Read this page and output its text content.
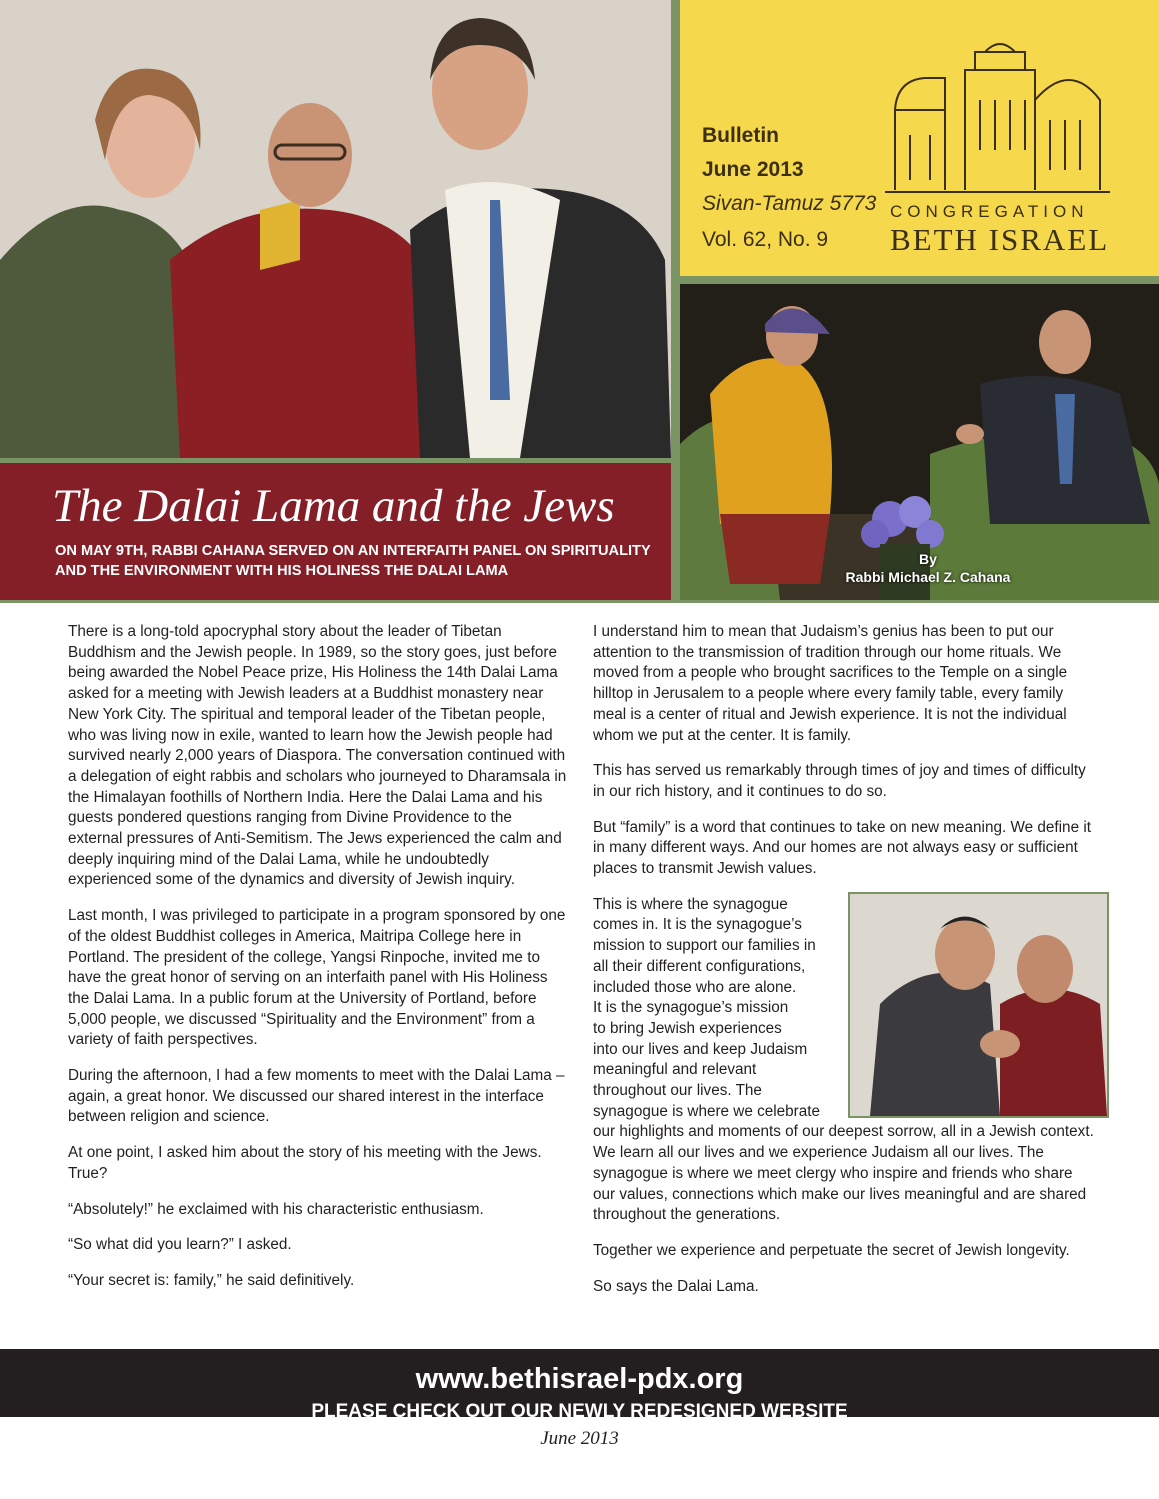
Bulletin
June 2013
Sivan-Tamuz 5773
Vol. 62, No. 9
CONGREGATION
BETH ISRAEL
The Dalai Lama and the Jews
ON MAY 9TH, RABBI CAHANA SERVED ON AN INTERFAITH PANEL ON SPIRITUALITY AND THE ENVIRONMENT WITH HIS HOLINESS THE DALAI LAMA
By
Rabbi Michael Z. Cahana

There is a long-told apocryphal story about the leader of Tibetan Buddhism and the Jewish people. In 1989, so the story goes, just before being awarded the Nobel Peace prize, His Holiness the 14th Dalai Lama asked for a meeting with Jewish leaders at a Buddhist monastery near New York City. The spiritual and temporal leader of the Tibetan people, who was living now in exile, wanted to learn how the Jewish people had survived nearly 2,000 years of Diaspora. The conversation continued with a delegation of eight rabbis and scholars who journeyed to Dharamsala in the Himalayan foothills of Northern India. Here the Dalai Lama and his guests pondered questions ranging from Divine Providence to the external pressures of Anti-Semitism. The Jews experienced the calm and deeply inquiring mind of the Dalai Lama, while he undoubtedly experienced some of the dynamics and diversity of Jewish inquiry.

Last month, I was privileged to participate in a program sponsored by one of the oldest Buddhist colleges in America, Maitripa College here in Portland. The president of the college, Yangsi Rinpoche, invited me to have the great honor of serving on an interfaith panel with His Holiness the Dalai Lama. In a public forum at the University of Portland, before 5,000 people, we discussed “Spirituality and the Environment” from a variety of faith perspectives.

During the afternoon, I had a few moments to meet with the Dalai Lama – again, a great honor. We discussed our shared interest in the interface between religion and science.

At one point, I asked him about the story of his meeting with the Jews. True?

“Absolutely!” he exclaimed with his characteristic enthusiasm.

“So what did you learn?” I asked.

“Your secret is: family,” he said definitively.

I understand him to mean that Judaism’s genius has been to put our attention to the transmission of tradition through our home rituals. We moved from a people who brought sacrifices to the Temple on a single hilltop in Jerusalem to a people where every family table, every family meal is a center of ritual and Jewish experience. It is not the individual whom we put at the center. It is family.

This has served us remarkably through times of joy and times of difficulty in our rich history, and it continues to do so.

But “family” is a word that continues to take on new meaning. We define it in many different ways. And our homes are not always easy or sufficient places to transmit Jewish values.

This is where the synagogue
comes in. It is the synagogue’s
mission to support our families in
all their different configurations,
included those who are alone.
It is the synagogue’s mission
to bring Jewish experiences
into our lives and keep Judaism
meaningful and relevant
throughout our lives. The
synagogue is where we celebrate

our highlights and moments of our deepest sorrow, all in a Jewish context. We learn all our lives and we experience Judaism all our lives. The synagogue is where we meet clergy who inspire and friends who share our values, connections which make our lives meaningful and are shared throughout the generations.

Together we experience and perpetuate the secret of Jewish longevity.

So says the Dalai Lama.

www.bethisrael-pdx.org
PLEASE CHECK OUT OUR NEWLY REDESIGNED WEBSITE
June 2013
